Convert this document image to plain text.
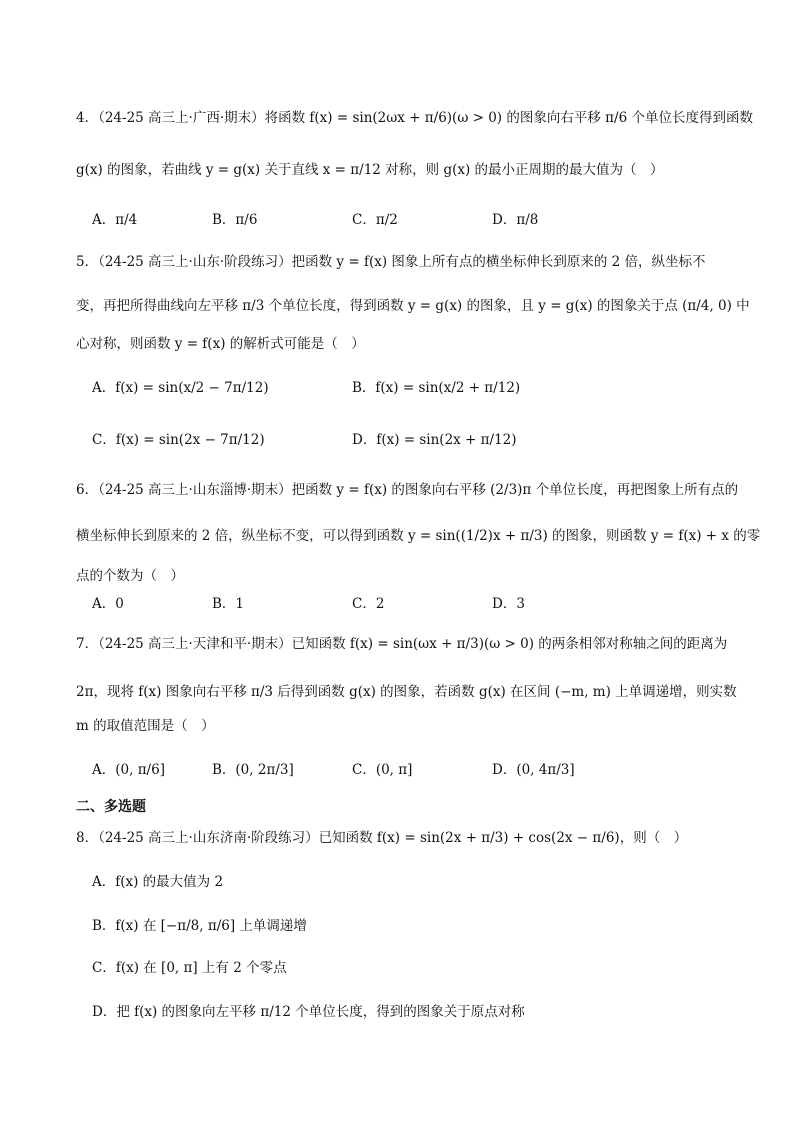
4．（24-25 高三上·广西·期末）将函数 f(x) = sin(2ωx + π/6)(ω > 0) 的图象向右平移 π/6 个单位长度得到函数
g(x) 的图象，若曲线 y = g(x) 关于直线 x = π/12 对称，则 g(x) 的最小正周期的最大值为（　）
A．π/4	B．π/6	C．π/2	D．π/8
5．（24-25 高三上·山东·阶段练习）把函数 y = f(x) 图象上所有点的横坐标伸长到原来的 2 倍，纵坐标不
变，再把所得曲线向左平移 π/3 个单位长度，得到函数 y = g(x) 的图象，且 y = g(x) 的图象关于点 (π/4, 0) 中
心对称，则函数 y = f(x) 的解析式可能是（　）
A．f(x) = sin(x/2 − 7π/12)	B．f(x) = sin(x/2 + π/12)
C．f(x) = sin(2x − 7π/12)	D．f(x) = sin(2x + π/12)
6．（24-25 高三上·山东淄博·期末）把函数 y = f(x) 的图象向右平移 (2/3)π 个单位长度，再把图象上所有点的
横坐标伸长到原来的 2 倍，纵坐标不变，可以得到函数 y = sin((1/2)x + π/3) 的图象，则函数 y = f(x) + x 的零
点的个数为（　）
A．0	B．1	C．2	D．3
7．（24-25 高三上·天津和平·期末）已知函数 f(x) = sin(ωx + π/3)(ω > 0) 的两条相邻对称轴之间的距离为
2π，现将 f(x) 图象向右平移 π/3 后得到函数 g(x) 的图象，若函数 g(x) 在区间 (−m, m) 上单调递增，则实数
m 的取值范围是（　）
A．(0, π/6]	B．(0, 2π/3]	C．(0, π]	D．(0, 4π/3]
二、多选题
8．（24-25 高三上·山东济南·阶段练习）已知函数 f(x) = sin(2x + π/3) + cos(2x − π/6)，则（　）
A．f(x) 的最大值为 2
B．f(x) 在 [−π/8, π/6] 上单调递增
C．f(x) 在 [0, π] 上有 2 个零点
D．把 f(x) 的图象向左平移 π/12 个单位长度，得到的图象关于原点对称
